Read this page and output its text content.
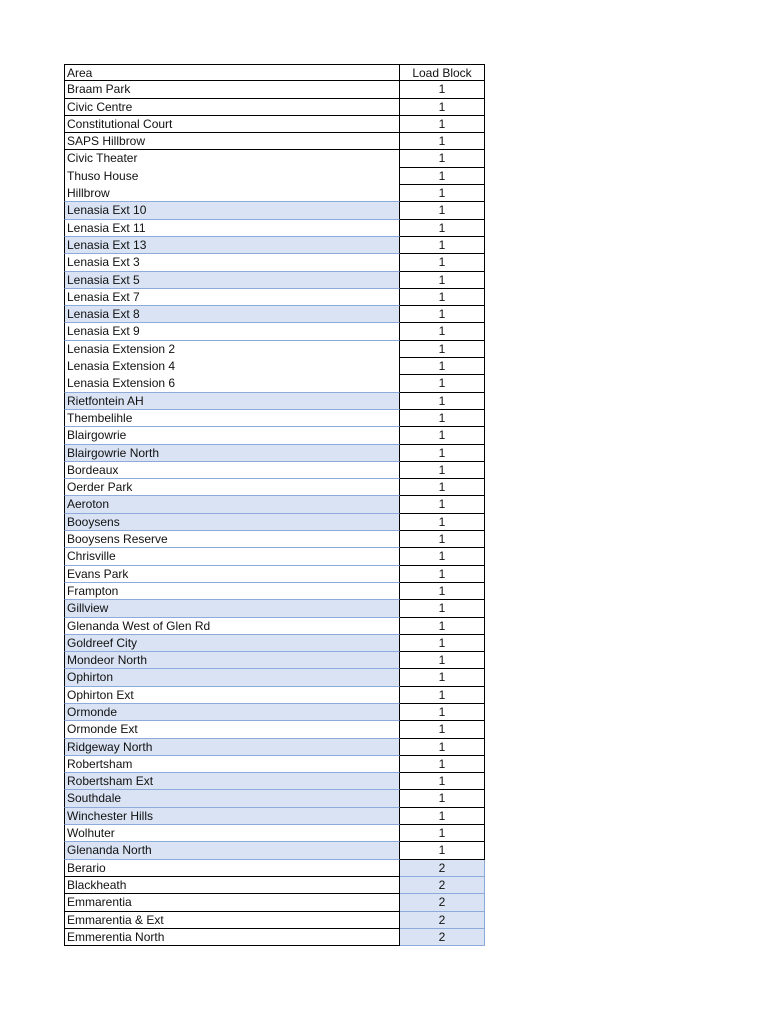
Area	Load Block
Braam Park	1
Civic Centre	1
Constitutional Court	1
SAPS Hillbrow	1
Civic Theater	1
Thuso House	1
Hillbrow	1
Lenasia Ext 10	1
Lenasia Ext 11	1
Lenasia Ext 13	1
Lenasia Ext 3	1
Lenasia Ext 5	1
Lenasia Ext 7	1
Lenasia Ext 8	1
Lenasia Ext 9	1
Lenasia Extension 2	1
Lenasia Extension 4	1
Lenasia Extension 6	1
Rietfontein AH	1
Thembelihle	1
Blairgowrie	1
Blairgowrie North	1
Bordeaux	1
Oerder Park	1
Aeroton	1
Booysens	1
Booysens Reserve	1
Chrisville	1
Evans Park	1
Frampton	1
Gillview	1
Glenanda West of Glen Rd	1
Goldreef City	1
Mondeor North	1
Ophirton	1
Ophirton Ext	1
Ormonde	1
Ormonde Ext	1
Ridgeway North	1
Robertsham	1
Robertsham Ext	1
Southdale	1
Winchester Hills	1
Wolhuter	1
Glenanda North	1
Berario	2
Blackheath	2
Emmarentia	2
Emmarentia & Ext	2
Emmerentia North	2
